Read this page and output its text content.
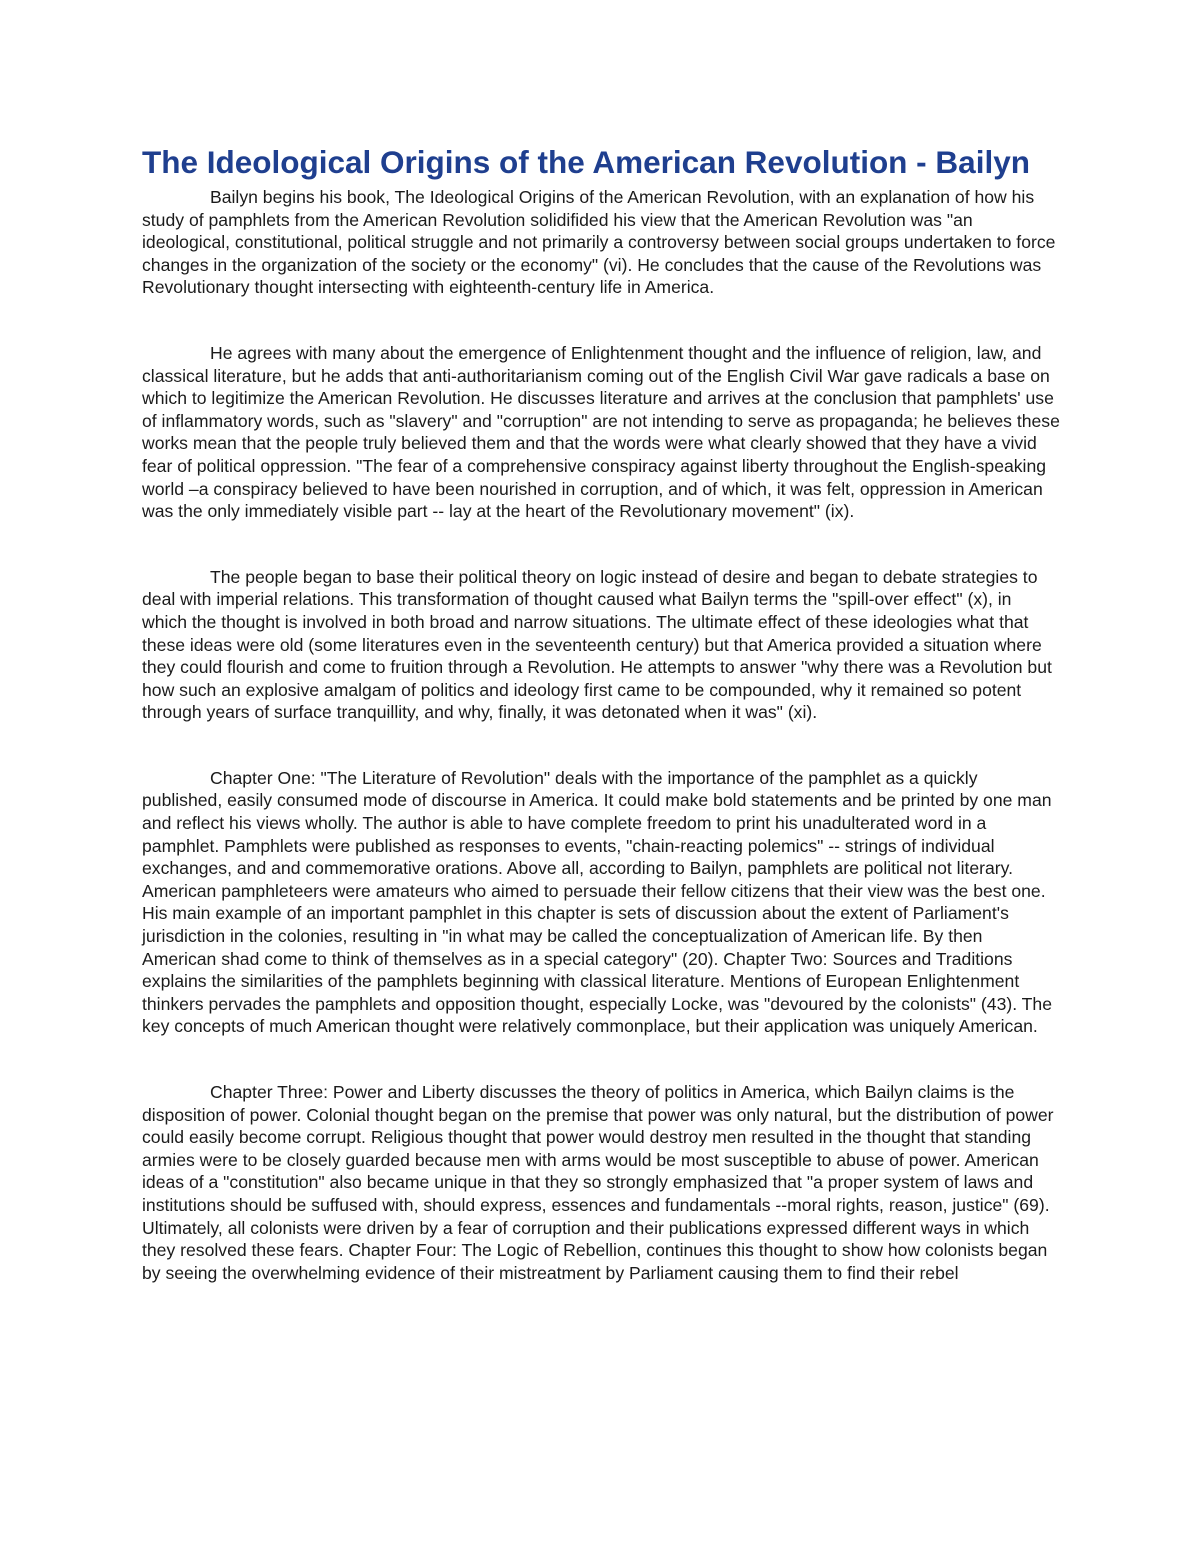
The Ideological Origins of the American Revolution - Bailyn

Bailyn begins his book, The Ideological Origins of the American Revolution, with an explanation of how his study of pamphlets from the American Revolution solidifided his view that the American Revolution was "an ideological, constitutional, political struggle and not primarily a controversy between social groups undertaken to force changes in the organization of the society or the economy" (vi). He concludes that the cause of the Revolutions was Revolutionary thought intersecting with eighteenth-century life in America.

He agrees with many about the emergence of Enlightenment thought and the influence of religion, law, and classical literature, but he adds that anti-authoritarianism coming out of the English Civil War gave radicals a base on which to legitimize the American Revolution. He discusses literature and arrives at the conclusion that pamphlets' use of inflammatory words, such as "slavery" and "corruption" are not intending to serve as propaganda; he believes these works mean that the people truly believed them and that the words were what clearly showed that they have a vivid fear of political oppression. "The fear of a comprehensive conspiracy against liberty throughout the English-speaking world –a conspiracy believed to have been nourished in corruption, and of which, it was felt, oppression in American was the only immediately visible part -- lay at the heart of the Revolutionary movement" (ix).

The people began to base their political theory on logic instead of desire and began to debate strategies to deal with imperial relations. This transformation of thought caused what Bailyn terms the "spill-over effect" (x), in which the thought is involved in both broad and narrow situations. The ultimate effect of these ideologies what that these ideas were old (some literatures even in the seventeenth century) but that America provided a situation where they could flourish and come to fruition through a Revolution. He attempts to answer "why there was a Revolution but how such an explosive amalgam of politics and ideology first came to be compounded, why it remained so potent through years of surface tranquillity, and why, finally, it was detonated when it was" (xi).

Chapter One: "The Literature of Revolution" deals with the importance of the pamphlet as a quickly published, easily consumed mode of discourse in America. It could make bold statements and be printed by one man and reflect his views wholly. The author is able to have complete freedom to print his unadulterated word in a pamphlet. Pamphlets were published as responses to events, "chain-reacting polemics" -- strings of individual exchanges, and and commemorative orations. Above all, according to Bailyn, pamphlets are political not literary. American pamphleteers were amateurs who aimed to persuade their fellow citizens that their view was the best one. His main example of an important pamphlet in this chapter is sets of discussion about the extent of Parliament's jurisdiction in the colonies, resulting in "in what may be called the conceptualization of American life. By then American shad come to think of themselves as in a special category" (20). Chapter Two: Sources and Traditions explains the similarities of the pamphlets beginning with classical literature. Mentions of European Enlightenment thinkers pervades the pamphlets and opposition thought, especially Locke, was "devoured by the colonists" (43). The key concepts of much American thought were relatively commonplace, but their application was uniquely American.

Chapter Three: Power and Liberty discusses the theory of politics in America, which Bailyn claims is the disposition of power. Colonial thought began on the premise that power was only natural, but the distribution of power could easily become corrupt. Religious thought that power would destroy men resulted in the thought that standing armies were to be closely guarded because men with arms would be most susceptible to abuse of power. American ideas of a "constitution" also became unique in that they so strongly emphasized that "a proper system of laws and institutions should be suffused with, should express, essences and fundamentals --moral rights, reason, justice" (69). Ultimately, all colonists were driven by a fear of corruption and their publications expressed different ways in which they resolved these fears. Chapter Four: The Logic of Rebellion, continues this thought to show how colonists began by seeing the overwhelming evidence of their mistreatment by Parliament causing them to find their rebel
